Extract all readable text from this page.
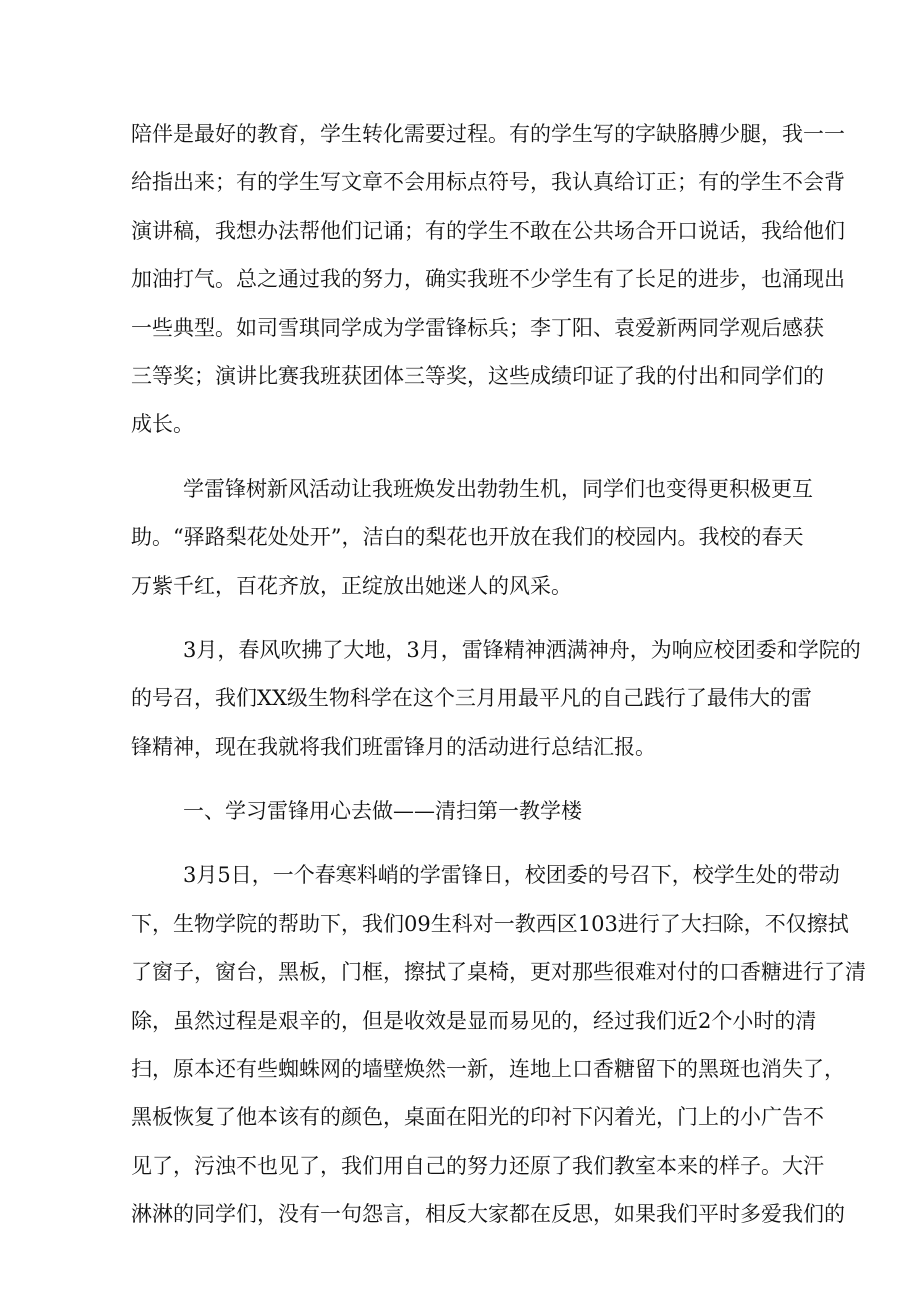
陪伴是最好的教育，学生转化需要过程。有的学生写的字缺胳膊少腿，我一一
给指出来；有的学生写文章不会用标点符号，我认真给订正；有的学生不会背
演讲稿，我想办法帮他们记诵；有的学生不敢在公共场合开口说话，我给他们
加油打气。总之通过我的努力，确实我班不少学生有了长足的进步，也涌现出
一些典型。如司雪琪同学成为学雷锋标兵；李丁阳、袁爱新两同学观后感获
三等奖；演讲比赛我班获团体三等奖，这些成绩印证了我的付出和同学们的
成长。
学雷锋树新风活动让我班焕发出勃勃生机，同学们也变得更积极更互
助。“驿路梨花处处开”，洁白的梨花也开放在我们的校园内。我校的春天
万紫千红，百花齐放，正绽放出她迷人的风采。
3月，春风吹拂了大地，3月，雷锋精神洒满神舟，为响应校团委和学院的
的号召，我们XX级生物科学在这个三月用最平凡的自己践行了最伟大的雷
锋精神，现在我就将我们班雷锋月的活动进行总结汇报。
一、学习雷锋用心去做——清扫第一教学楼
3月5日，一个春寒料峭的学雷锋日，校团委的号召下，校学生处的带动
下，生物学院的帮助下，我们09生科对一教西区103进行了大扫除，不仅擦拭
了窗子，窗台，黑板，门框，擦拭了桌椅，更对那些很难对付的口香糖进行了清
除，虽然过程是艰辛的，但是收效是显而易见的，经过我们近2个小时的清
扫，原本还有些蜘蛛网的墙壁焕然一新，连地上口香糖留下的黑斑也消失了，
黑板恢复了他本该有的颜色，桌面在阳光的印衬下闪着光，门上的小广告不
见了，污浊不也见了，我们用自己的努力还原了我们教室本来的样子。大汗
淋淋的同学们，没有一句怨言，相反大家都在反思，如果我们平时多爱我们的
